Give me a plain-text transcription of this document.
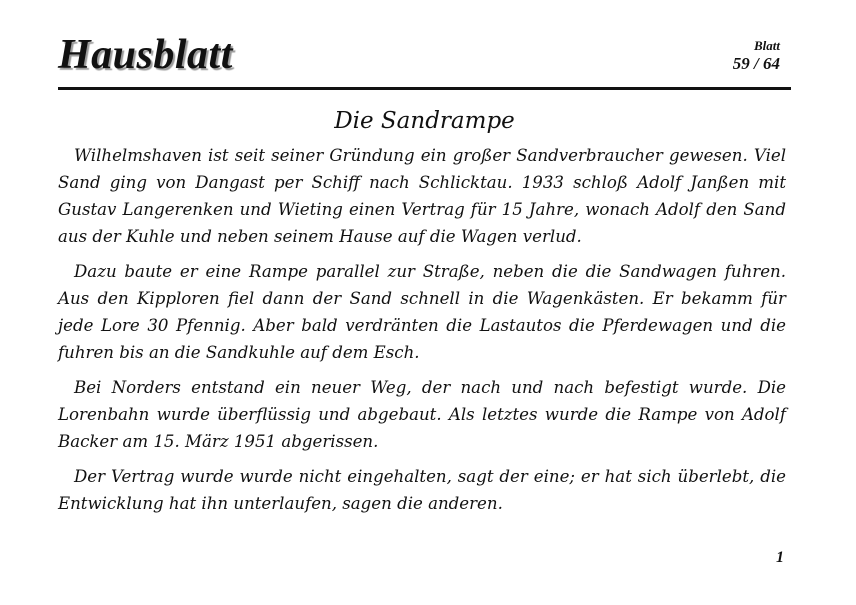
Hausblatt	Blatt
59 / 64
Die Sandrampe

Wilhelmshaven ist seit seiner Gründung ein großer Sandverbraucher gewesen. Viel Sand ging von Dangast per Schiff nach Schlicktau. 1933 schloß Adolf Janßen mit Gustav Langerenken und Wieting einen Vertrag für 15 Jahre, wonach Adolf den Sand aus der Kuhle und neben seinem Hause auf die Wagen verlud.

Dazu baute er eine Rampe parallel zur Straße, neben die die Sandwagen fuhren. Aus den Kipploren fiel dann der Sand schnell in die Wagenkästen. Er bekamm für jede Lore 30 Pfennig. Aber bald verdränten die Lastautos die Pferdewagen und die fuhren bis an die Sandkuhle auf dem Esch.

Bei Norders entstand ein neuer Weg, der nach und nach befestigt wurde. Die Lorenbahn wurde überflüssig und abgebaut. Als letztes wurde die Rampe von Adolf Backer am 15. März 1951 abgerissen.

Der Vertrag wurde wurde nicht eingehalten, sagt der eine; er hat sich überlebt, die Entwicklung hat ihn unterlaufen, sagen die anderen.

1
